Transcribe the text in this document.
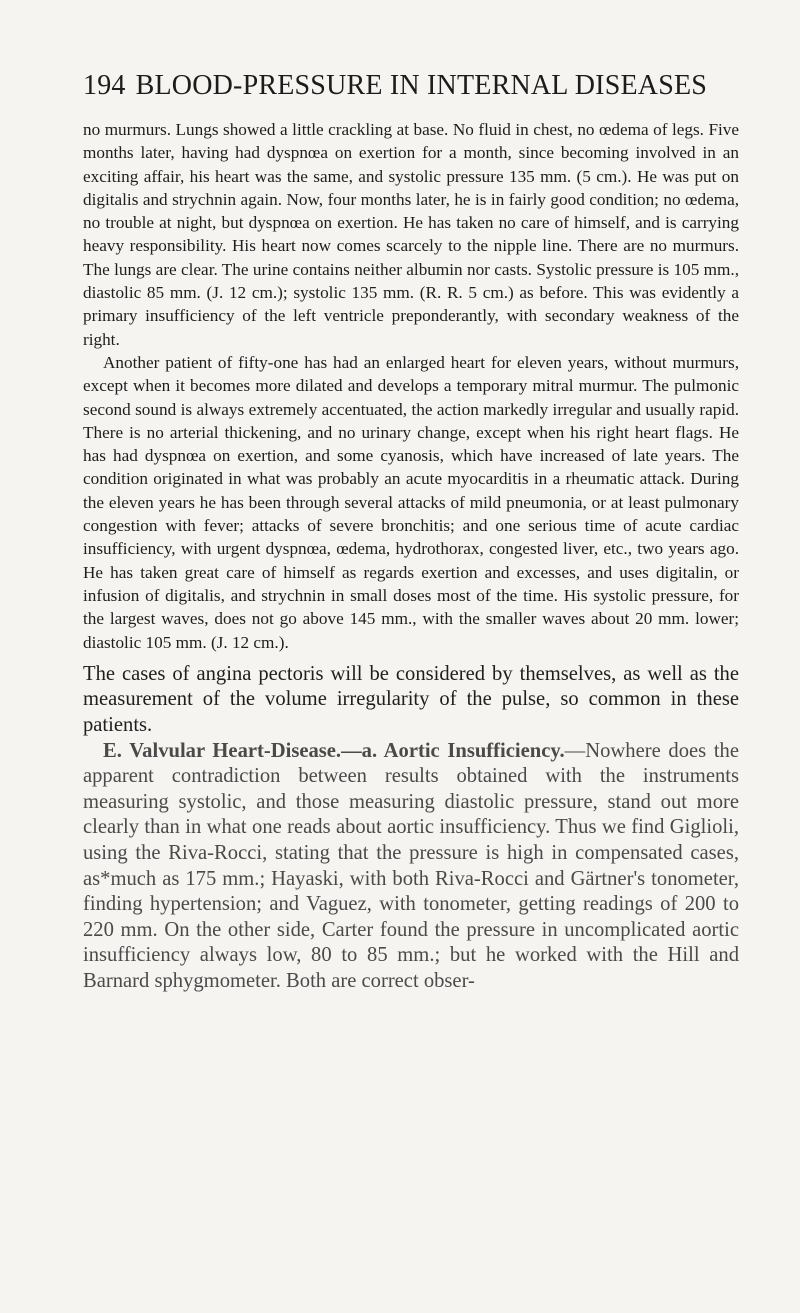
194 BLOOD-PRESSURE IN INTERNAL DISEASES

no murmurs. Lungs showed a little crackling at base. No fluid in chest, no œdema of legs. Five months later, having had dyspnœa on exertion for a month, since becoming involved in an exciting affair, his heart was the same, and systolic pressure 135 mm. (5 cm.). He was put on digitalis and strychnin again. Now, four months later, he is in fairly good condition; no œdema, no trouble at night, but dyspnœa on exertion. He has taken no care of himself, and is carrying heavy responsibility. His heart now comes scarcely to the nipple line. There are no murmurs. The lungs are clear. The urine contains neither albumin nor casts. Systolic pressure is 105 mm., diastolic 85 mm. (J. 12 cm.); systolic 135 mm. (R. R. 5 cm.) as before. This was evidently a primary insufficiency of the left ventricle preponderantly, with secondary weakness of the right.

Another patient of fifty-one has had an enlarged heart for eleven years, without murmurs, except when it becomes more dilated and develops a temporary mitral murmur. The pulmonic second sound is always extremely accentuated, the action markedly irregular and usually rapid. There is no arterial thickening, and no urinary change, except when his right heart flags. He has had dyspnœa on exertion, and some cyanosis, which have increased of late years. The condition originated in what was probably an acute myocarditis in a rheumatic attack. During the eleven years he has been through several attacks of mild pneumonia, or at least pulmonary congestion with fever; attacks of severe bronchitis; and one serious time of acute cardiac insufficiency, with urgent dyspnœa, œdema, hydrothorax, congested liver, etc., two years ago. He has taken great care of himself as regards exertion and excesses, and uses digitalin, or infusion of digitalis, and strychnin in small doses most of the time. His systolic pressure, for the largest waves, does not go above 145 mm., with the smaller waves about 20 mm. lower; diastolic 105 mm. (J. 12 cm.).

The cases of angina pectoris will be considered by themselves, as well as the measurement of the volume irregularity of the pulse, so common in these patients.

E. Valvular Heart-Disease.—a. Aortic Insufficiency.—Nowhere does the apparent contradiction between results obtained with the instruments measuring systolic, and those measuring diastolic pressure, stand out more clearly than in what one reads about aortic insufficiency. Thus we find Giglioli, using the Riva-Rocci, stating that the pressure is high in compensated cases, as*much as 175 mm.; Hayaski, with both Riva-Rocci and Gärtner's tonometer, finding hypertension; and Vaguez, with tonometer, getting readings of 200 to 220 mm. On the other side, Carter found the pressure in uncomplicated aortic insufficiency always low, 80 to 85 mm.; but he worked with the Hill and Barnard sphygmometer. Both are correct obser-
